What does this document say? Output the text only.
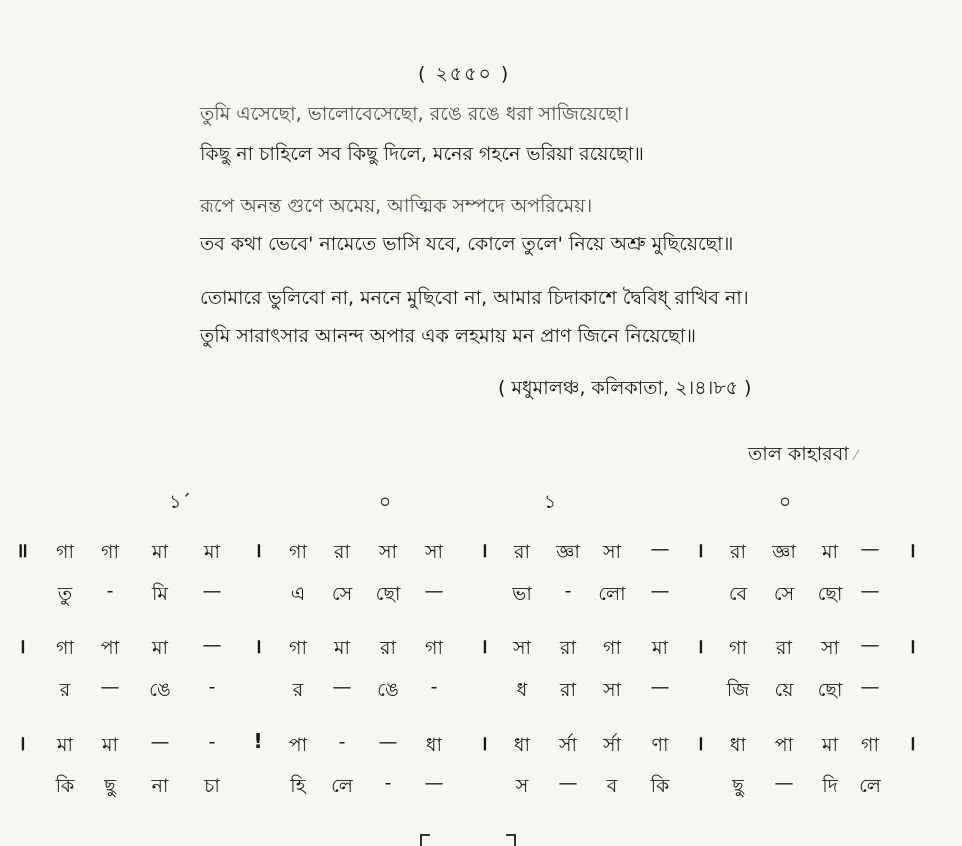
( ২৫৫০ )
তুমি এসেছো, ভালোবেসেছো, রঙে রঙে ধরা সাজিয়েছো।
কিছু না চাহিলে সব কিছু দিলে, মনের গহনে ভরিয়া রয়েছো॥
রূপে অনন্ত গুণে অমেয়, আত্মিক সম্পদে অপরিমেয়।
তব কথা ভেবে' নামেতে ভাসি যবে, কোলে তুলে' নিয়ে অশ্রু মুছিয়েছো॥
তোমারে ভুলিবো না, মননে মুছিবো না, আমার চিদাকাশে দ্বৈবিধ্ রাখিব না।
তুমি সারাৎসার আনন্দ অপার এক লহমায় মন প্রাণ জিনে নিয়েছো॥
( মধুমালঞ্চ, কলিকাতা, ২।৪।৮৫ )
তাল কাহারবা ⁄
১´	০	১	০
॥	গা	গা	মা	মা	।	গা	রা	সা	সা	।	রা	জ্ঞা	সা	—	।	রা	জ্ঞা	মা	—	।
তু	-	মি	—	এ	সে	ছো	—	ভা	-	লো	—	বে	সে	ছো —
।	গা	পা	মা	—	।	গা	মা	রা	গা	।	সা	রা	গা	মা	।	গা	রা	সা	—	।
র	—	ঙে	-	র	—	ঙে	-	ধ	রা	সা	—	জি	য়ে	ছো —
।	মা	মা	—	-	!	পা	-	—	ধা	।	ধা	র্সা	র্সা	ণা	।	ধা	পা	মা	গা	।
কি	ছু	না	চা	হি	লে	-	—	স	—	ব	কি	ছু	—	দি	লে
